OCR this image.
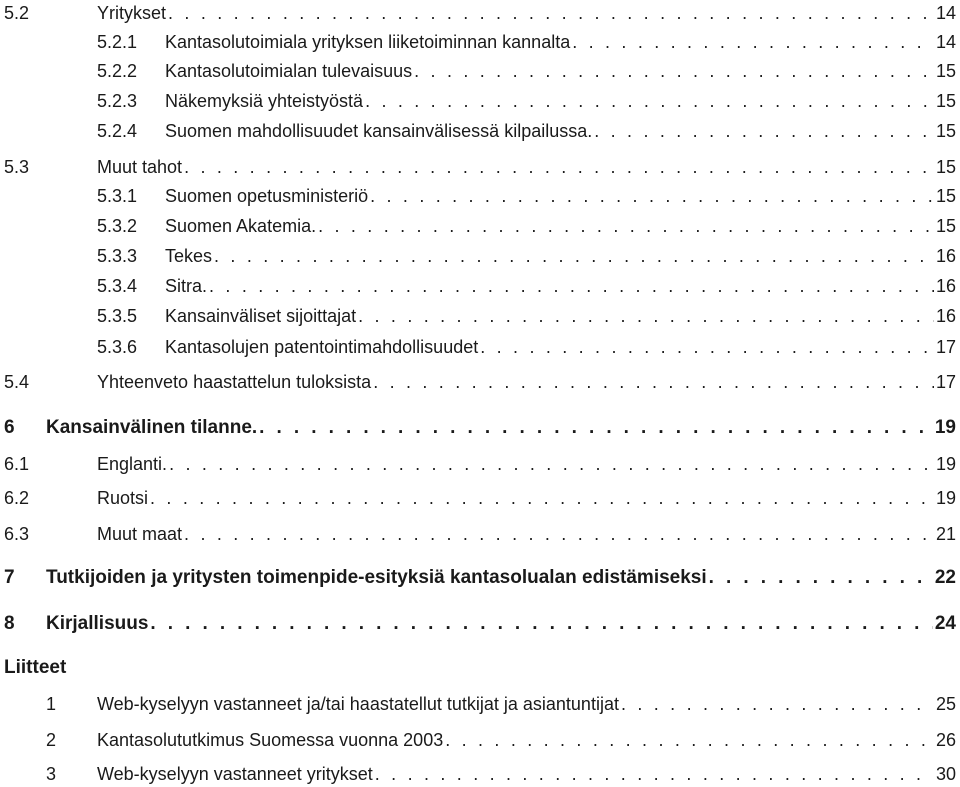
5.2	Yritykset . . .	14
5.2.1 Kantasolutoimiala yrityksen liiketoiminnan kannalta . . .	14
5.2.2 Kantasolutoimialan tulevaisuus . . .	15
5.2.3 Näkemyksiä yhteistyöstä . . .	15
5.2.4 Suomen mahdollisuudet kansainvälisessä kilpailussa. . . .	15
5.3	Muut tahot . . .	15
5.3.1 Suomen opetusministeriö . . .	15
5.3.2 Suomen Akatemia. . . .	15
5.3.3 Tekes . . .	16
5.3.4 Sitra. . . .	16
5.3.5 Kansainväliset sijoittajat . . .	16
5.3.6 Kantasolujen patentointimahdollisuudet . . .	17
5.4	Yhteenveto haastattelun tuloksista . . .	17
6 Kansainvälinen tilanne. . . .	19
6.1	Englanti. . . .	19
6.2	Ruotsi . . .	19
6.3	Muut maat . . .	21
7 Tutkijoiden ja yritysten toimenpide-esityksiä kantasolualan edistämiseksi . . .	22
8 Kirjallisuus . . .	24
Liitteet
1 Web-kyselyyn vastanneet ja/tai haastatellut tutkijat ja asiantuntijat . . .	25
2 Kantasolututkimus Suomessa vuonna 2003 . . .	26
3 Web-kyselyyn vastanneet yritykset . . .	30
